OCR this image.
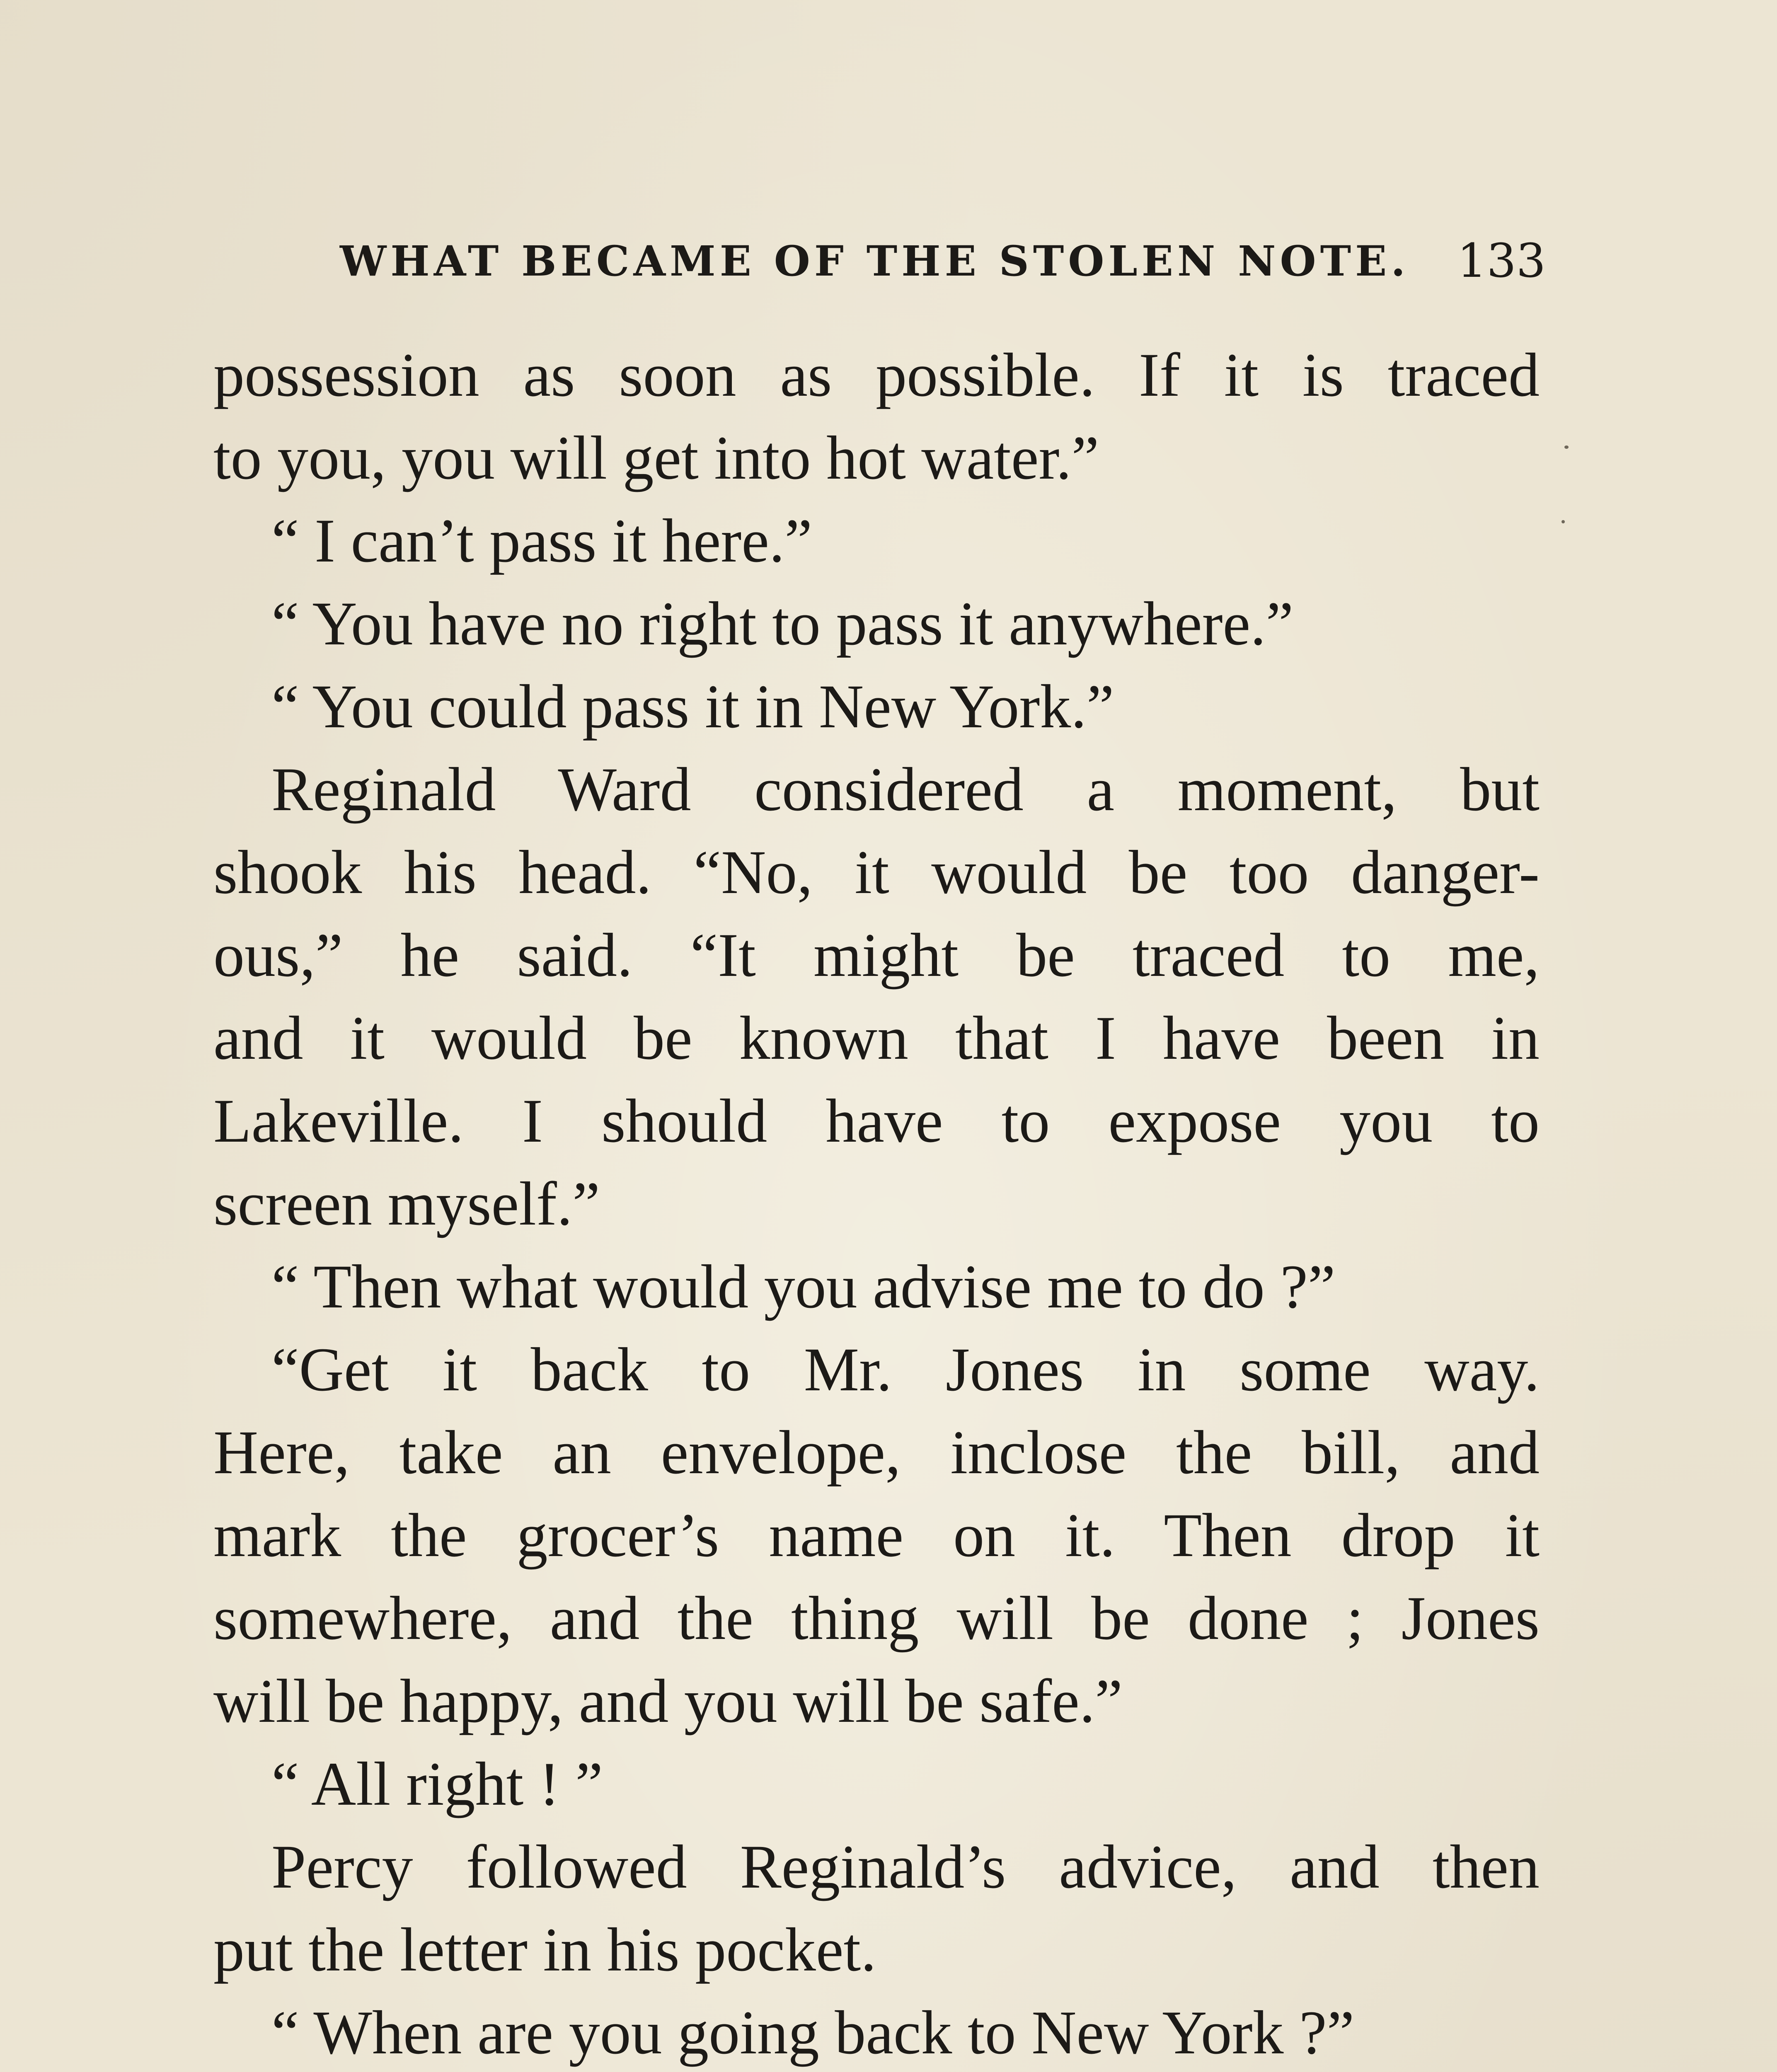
WHAT BECAME OF THE STOLEN NOTE.	133
possession as soon as possible. If it is traced
to you, you will get into hot water.”
“ I can’t pass it here.”
“ You have no right to pass it anywhere.”
“ You could pass it in New York.”
Reginald Ward considered a moment, but
shook his head. “No, it would be too danger-
ous,” he said. “It might be traced to me,
and it would be known that I have been in
Lakeville. I should have to expose you to
screen myself.”
“ Then what would you advise me to do ?”
“Get it back to Mr. Jones in some way.
Here, take an envelope, inclose the bill, and
mark the grocer’s name on it. Then drop it
somewhere, and the thing will be done ; Jones
will be happy, and you will be safe.”
“ All right ! ”
Percy followed Reginald’s advice, and then
put the letter in his pocket.
“ When are you going back to New York ?”
